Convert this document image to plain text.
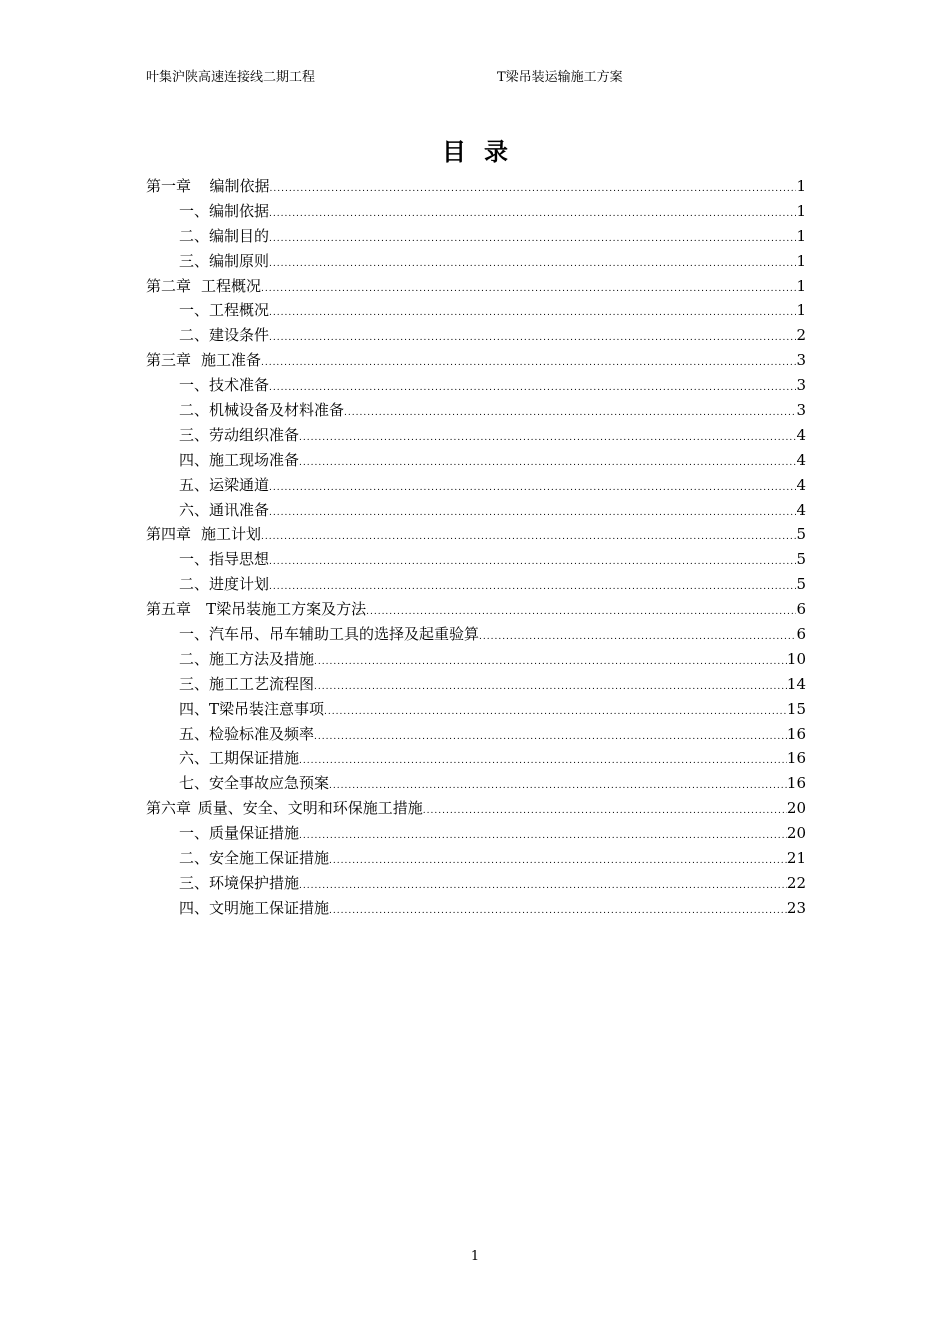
叶集沪陕高速连接线二期工程	T梁吊装运输施工方案
目录
第一章 编制依据 .....	1
一、 编制依据 .....	1
二、 编制目的 .....	1
三、 编制原则 .....	1
第二章 工程概况 .....	1
一、 工程概况 .....	1
二、 建设条件 .....	2
第三章 施工准备 .....	3
一、 技术准备 .....	3
二、 机械设备及材料准备 .....	3
三、 劳动组织准备 .....	4
四、 施工现场准备 .....	4
五、 运梁通道 .....	4
六、 通讯准备 .....	4
第四章 施工计划 .....	5
一、 指导思想 .....	5
二、 进度计划 .....	5
第五章 T梁吊装施工方案及方法 .....	6
一、 汽车吊、吊车辅助工具的选择及起重验算 .....	6
二、 施工方法及措施 .....	10
三、 施工工艺流程图 .....	14
四、 T梁吊装注意事项 .....	15
五、 检验标准及频率 .....	16
六、 工期保证措施 .....	16
七、 安全事故应急预案 .....	16
第六章 质量、安全、文明和环保施工措施 .....	20
一、 质量保证措施 .....	20
二、 安全施工保证措施 .....	21
三、 环境保护措施 .....	22
四、 文明施工保证措施 .....	23
1
